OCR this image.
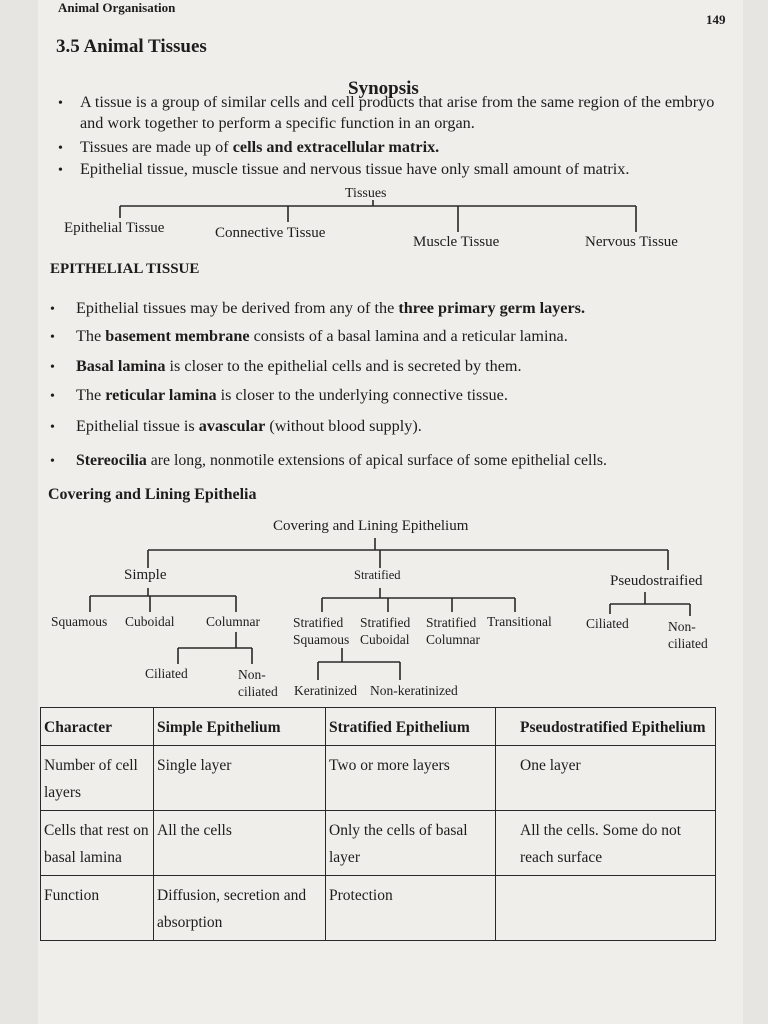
Animal Organisation
149
3.5 Animal Tissues
Synopsis
• A tissue is a group of similar cells and cell products that arise from the same region of the embryo and work together to perform a specific function in an organ.
• Tissues are made up of cells and extracellular matrix.
• Epithelial tissue, muscle tissue and nervous tissue have only small amount of matrix.
Tissues
Epithelial Tissue	Connective Tissue
Muscle Tissue	Nervous Tissue
EPITHELIAL TISSUE
• Epithelial tissues may be derived from any of the three primary germ layers.
• The basement membrane consists of a basal lamina and a reticular lamina.
• Basal lamina is closer to the epithelial cells and is secreted by them.
• The reticular lamina is closer to the underlying connective tissue.
• Epithelial tissue is avascular (without blood supply).
• Stereocilia are long, nonmotile extensions of apical surface of some epithelial cells.
Covering and Lining Epithelia
Covering and Lining Epithelium
Simple	Stratified	Pseudostraified
Squamous Cuboidal Columnar
Ciliated	Non-ciliated
Stratified Squamous
Stratified Cuboidal
Stratified Columnar
Transitional
Keratinized Non-keratinized
Ciliated	Non-ciliated
Character	Simple Epithelium	Stratified Epithelium	Pseudostratified Epithelium
Number of cell layers	Single layer	Two or more layers	One layer
Cells that rest on basal lamina	All the cells	Only the cells of basal layer	All the cells. Some do not reach surface
Function	Diffusion, secretion and absorption	Protection	
